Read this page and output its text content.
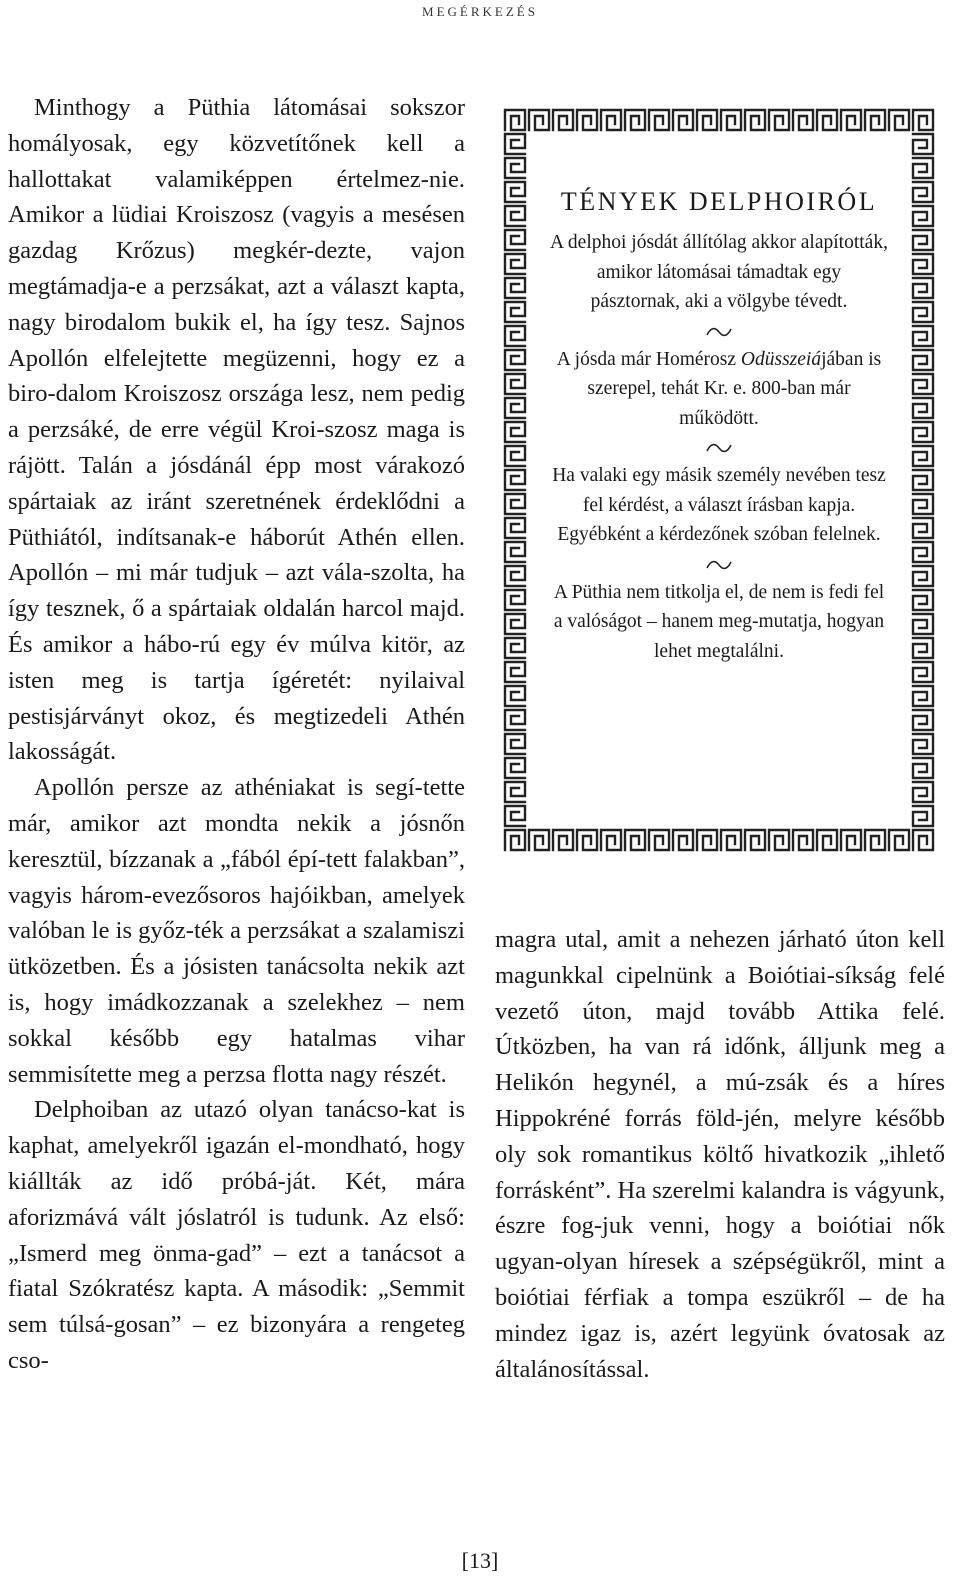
MEGÉRKEZÉS

Minthogy a Püthia látomásai sokszor homályosak, egy közvetítőnek kell a hallottakat valamiképpen értelmez-nie. Amikor a lüdiai Kroiszosz (vagyis a mesésen gazdag Krőzus) megkér-dezte, vajon megtámadja-e a perzsákat, azt a választ kapta, nagy birodalom bukik el, ha így tesz. Sajnos Apollón elfelejtette megüzenni, hogy ez a biro-dalom Kroiszosz országa lesz, nem pedig a perzsáké, de erre végül Kroi-szosz maga is rájött. Talán a jósdánál épp most várakozó spártaiak az iránt szeretnének érdeklődni a Püthiától, indítsanak-e háborút Athén ellen. Apollón – mi már tudjuk – azt vála-szolta, ha így tesznek, ő a spártaiak oldalán harcol majd. És amikor a hábo-rú egy év múlva kitör, az isten meg is tartja ígéretét: nyilaival pestisjárványt okoz, és megtizedeli Athén lakosságát.

Apollón persze az athéniakat is segí-tette már, amikor azt mondta nekik a jósnőn keresztül, bízzanak a „fából épí-tett falakban”, vagyis három-evezősoros hajóikban, amelyek valóban le is győz-ték a perzsákat a szalamiszi ütközetben. És a jósisten tanácsolta nekik azt is, hogy imádkozzanak a szelekhez – nem sokkal később egy hatalmas vihar semmisítette meg a perzsa flotta nagy részét.

Delphoiban az utazó olyan tanácso-kat is kaphat, amelyekről igazán el-mondható, hogy kiállták az idő próbá-ját. Két, mára aforizmává vált jóslatról is tudunk. Az első: „Ismerd meg önma-gad” – ezt a tanácsot a fiatal Szókratész kapta. A második: „Semmit sem túlsá-gosan” – ez bizonyára a rengeteg cso-

TÉNYEK DELPHOIRÓL

A delphoi jósdát állítólag akkor alapították, amikor látomásai támadtak egy pásztornak, aki a völgybe tévedt.

A jósda már Homérosz Odüsszeiájában is szerepel, tehát Kr. e. 800-ban már működött.

Ha valaki egy másik személy nevében tesz fel kérdést, a választ írásban kapja. Egyébként a kérdezőnek szóban felelnek.

A Püthia nem titkolja el, de nem is fedi fel a valóságot – hanem meg-mutatja, hogyan lehet megtalálni.

magra utal, amit a nehezen járható úton kell magunkkal cipelnünk a Boiótiai-síkság felé vezető úton, majd tovább Attika felé. Útközben, ha van rá időnk, álljunk meg a Helikón hegynél, a mú-zsák és a híres Hippokréné forrás föld-jén, melyre később oly sok romantikus költő hivatkozik „ihlető forrásként”. Ha szerelmi kalandra is vágyunk, észre fog-juk venni, hogy a boiótiai nők ugyan-olyan híresek a szépségükről, mint a boiótiai férfiak a tompa eszükről – de ha mindez igaz is, azért legyünk óvatosak az általánosítással.

[13]
